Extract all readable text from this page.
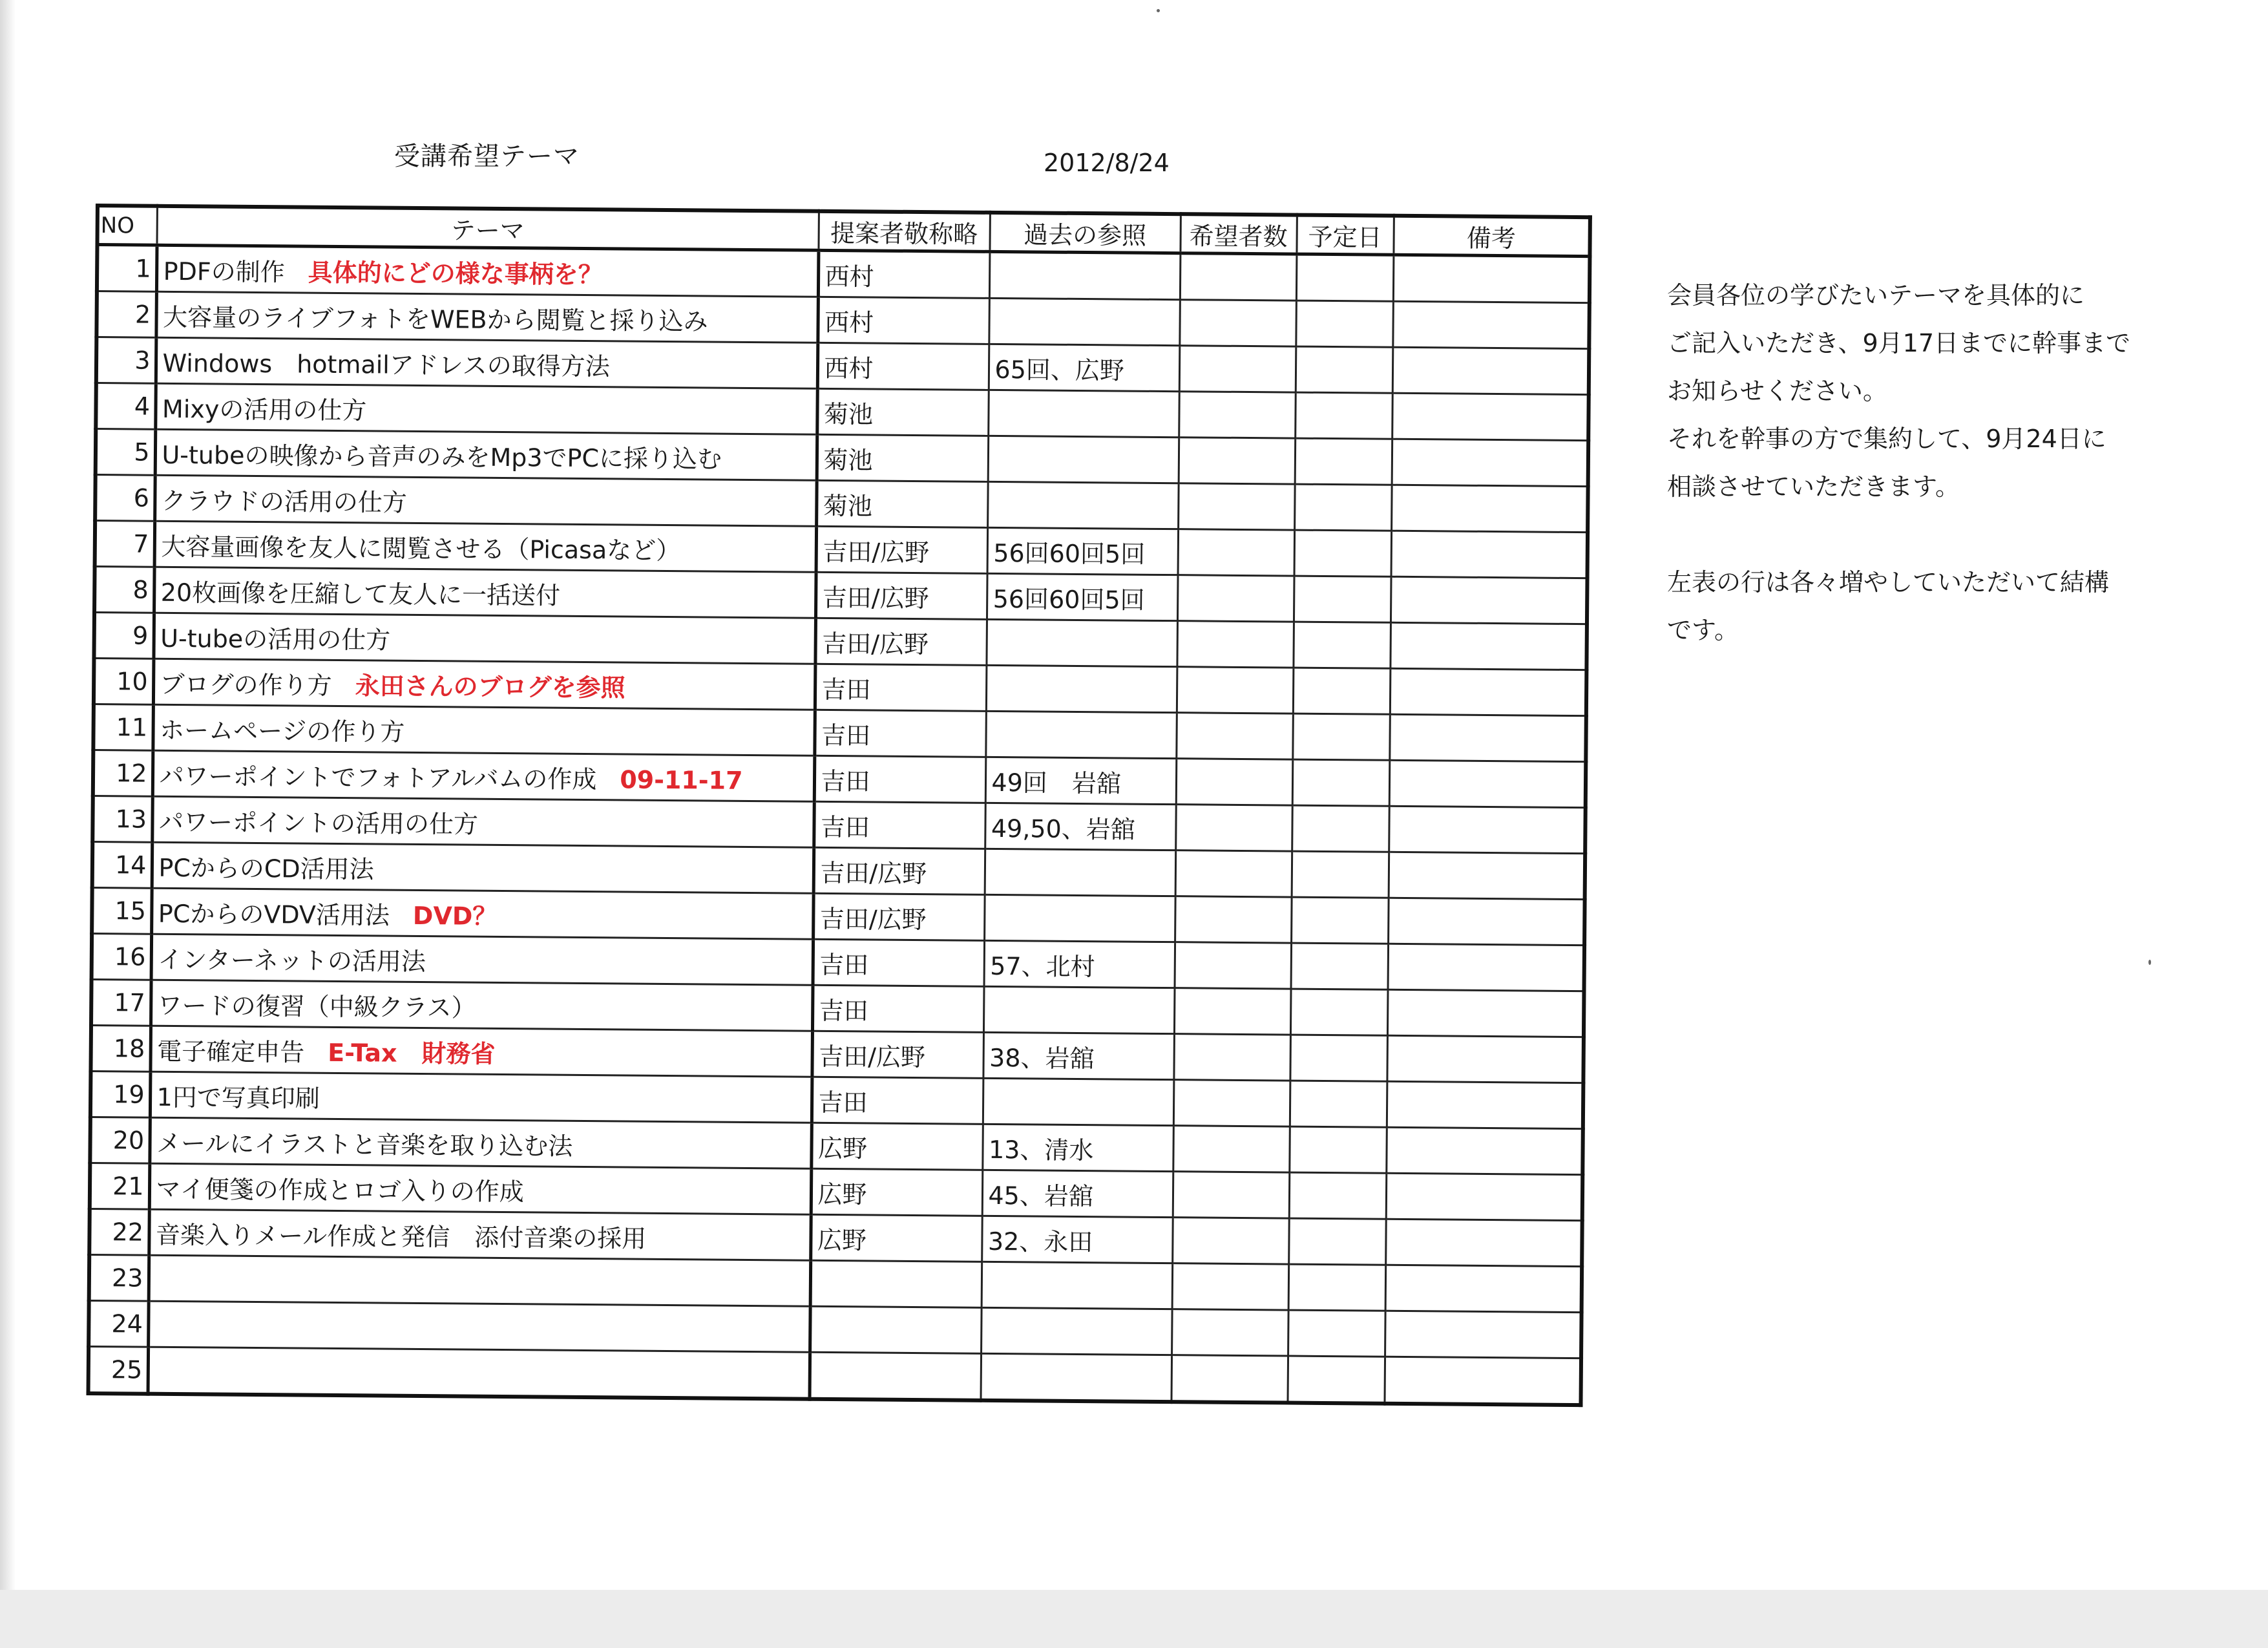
受講希望テーマ	2012/8/24
NO	テーマ	提案者敬称略	過去の参照	希望者数	予定日	備考
1	PDFの制作 具体的にどの様な事柄を？	西村				
2	大容量のライブフォトをWEBから閲覧と採り込み	西村				
3	Windows　hotmailアドレスの取得方法	西村	65回、広野			
4	Mixyの活用の仕方	菊池				
5	U-tubeの映像から音声のみをMp3でPCに採り込む	菊池				
6	クラウドの活用の仕方	菊池				
7	大容量画像を友人に閲覧させる（Picasaなど）	吉田/広野	56回60回5回			
8	20枚画像を圧縮して友人に一括送付	吉田/広野	56回60回5回			
9	U-tubeの活用の仕方	吉田/広野				
10	ブログの作り方 永田さんのブログを参照	吉田				
11	ホームページの作り方	吉田				
12	パワーポイントでフォトアルバムの作成 09-11-17	吉田	49回　岩舘			
13	パワーポイントの活用の仕方	吉田	49,50、岩舘			
14	PCからのCD活用法	吉田/広野				
15	PCからのVDV活用法 DVD？	吉田/広野				
16	インターネットの活用法	吉田	57、北村			
17	ワードの復習（中級クラス）	吉田				
18	電子確定申告 E-Tax　財務省	吉田/広野	38、岩舘			
19	1円で写真印刷	吉田				
20	メールにイラストと音楽を取り込む法	広野	13、清水			
21	マイ便箋の作成とロゴ入りの作成	広野	45、岩舘			
22	音楽入りメール作成と発信　添付音楽の採用	広野	32、永田			
23						
24						
25						

会員各位の学びたいテーマを具体的に

ご記入いただき、9月17日までに幹事まで

お知らせください。

それを幹事の方で集約して、9月24日に

相談させていただきます。

左表の行は各々増やしていただいて結構

です。
